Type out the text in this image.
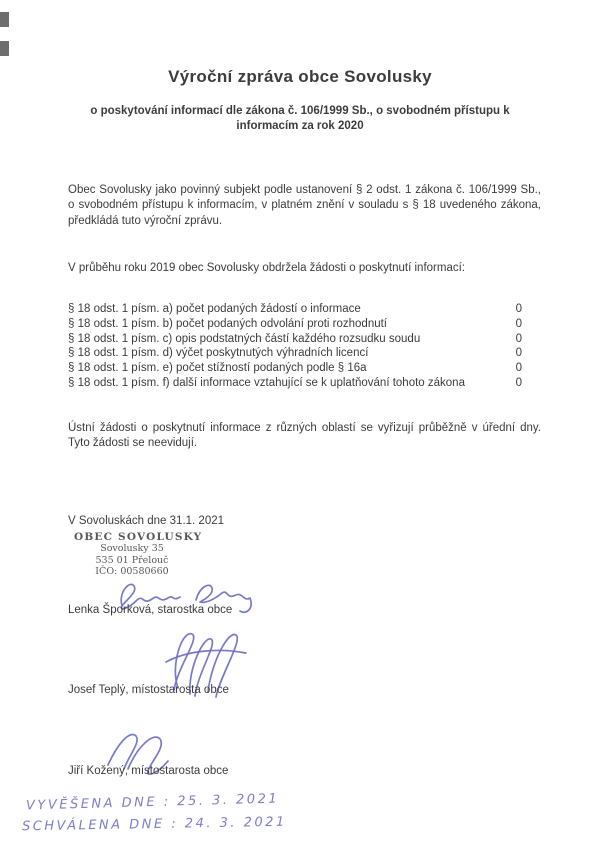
Výroční zpráva obce Sovolusky
o poskytování informací dle zákona č. 106/1999 Sb., o svobodném přístupu k informacím za rok 2020

Obec Sovolusky jako povinný subjekt podle ustanovení § 2 odst. 1 zákona č. 106/1999 Sb., o svobodném přístupu k informacím, v platném znění v souladu s § 18 uvedeného zákona, předkládá tuto výroční zprávu.

V průběhu roku 2019 obec Sovolusky obdržela žádosti o poskytnutí informací:

§ 18 odst. 1 písm. a) počet podaných žádostí o informace	0
§ 18 odst. 1 písm. b) počet podaných odvolání proti rozhodnutí	0
§ 18 odst. 1 písm. c) opis podstatných částí každého rozsudku soudu	0
§ 18 odst. 1 písm. d) výčet poskytnutých výhradních licencí	0
§ 18 odst. 1 písm. e) počet stížností podaných podle § 16a	0
§ 18 odst. 1 písm. f) další informace vztahující se k uplatňování tohoto zákona	0

Ústní žádosti o poskytnutí informace z různých oblastí se vyřizují průběžně v úřední dny. Tyto žádosti se neevidují.

V Sovoluskách dne 31.1. 2021

OBEC SOVOLUSKY
Sovolusky 35
535 01 Přelouč
IČO: 00580660

Lenka Šporková, starostka obce

Josef Teplý, místostarosta obce

Jiří Kožený, místostarosta obce

VYVĚŠENA DNE : 25. 3. 2021
SCHVÁLENA DNE : 24. 3. 2021
